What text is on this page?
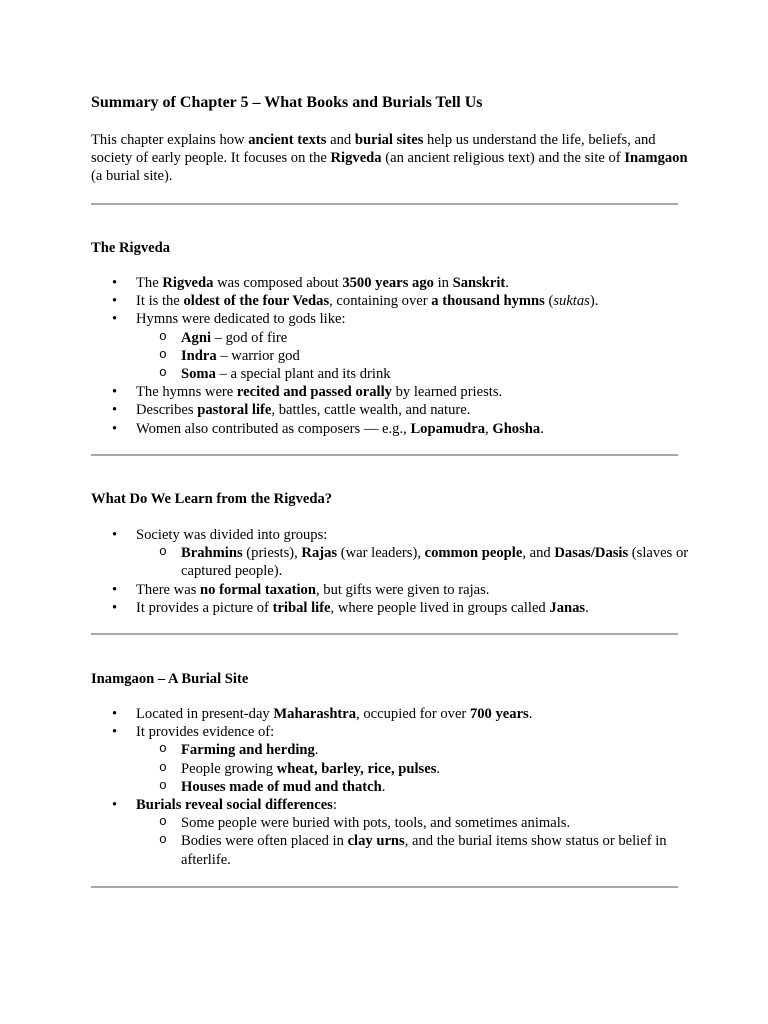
Summary of Chapter 5 – What Books and Burials Tell Us

This chapter explains how ancient texts and burial sites help us understand the life, beliefs, and society of early people. It focuses on the Rigveda (an ancient religious text) and the site of Inamgaon (a burial site).

The Rigveda
• The Rigveda was composed about 3500 years ago in Sanskrit.
• It is the oldest of the four Vedas, containing over a thousand hymns (suktas).
• Hymns were dedicated to gods like:
o Agni – god of fire
o Indra – warrior god
o Soma – a special plant and its drink
• The hymns were recited and passed orally by learned priests.
• Describes pastoral life, battles, cattle wealth, and nature.
• Women also contributed as composers — e.g., Lopamudra, Ghosha.
What Do We Learn from the Rigveda?
• Society was divided into groups:
o Brahmins (priests), Rajas (war leaders), common people, and Dasas/Dasis (slaves or captured people).
• There was no formal taxation, but gifts were given to rajas.
• It provides a picture of tribal life, where people lived in groups called Janas.
Inamgaon – A Burial Site
• Located in present-day Maharashtra, occupied for over 700 years.
• It provides evidence of:
o Farming and herding.
o People growing wheat, barley, rice, pulses.
o Houses made of mud and thatch.
• Burials reveal social differences:
o Some people were buried with pots, tools, and sometimes animals.
o Bodies were often placed in clay urns, and the burial items show status or belief in afterlife.
